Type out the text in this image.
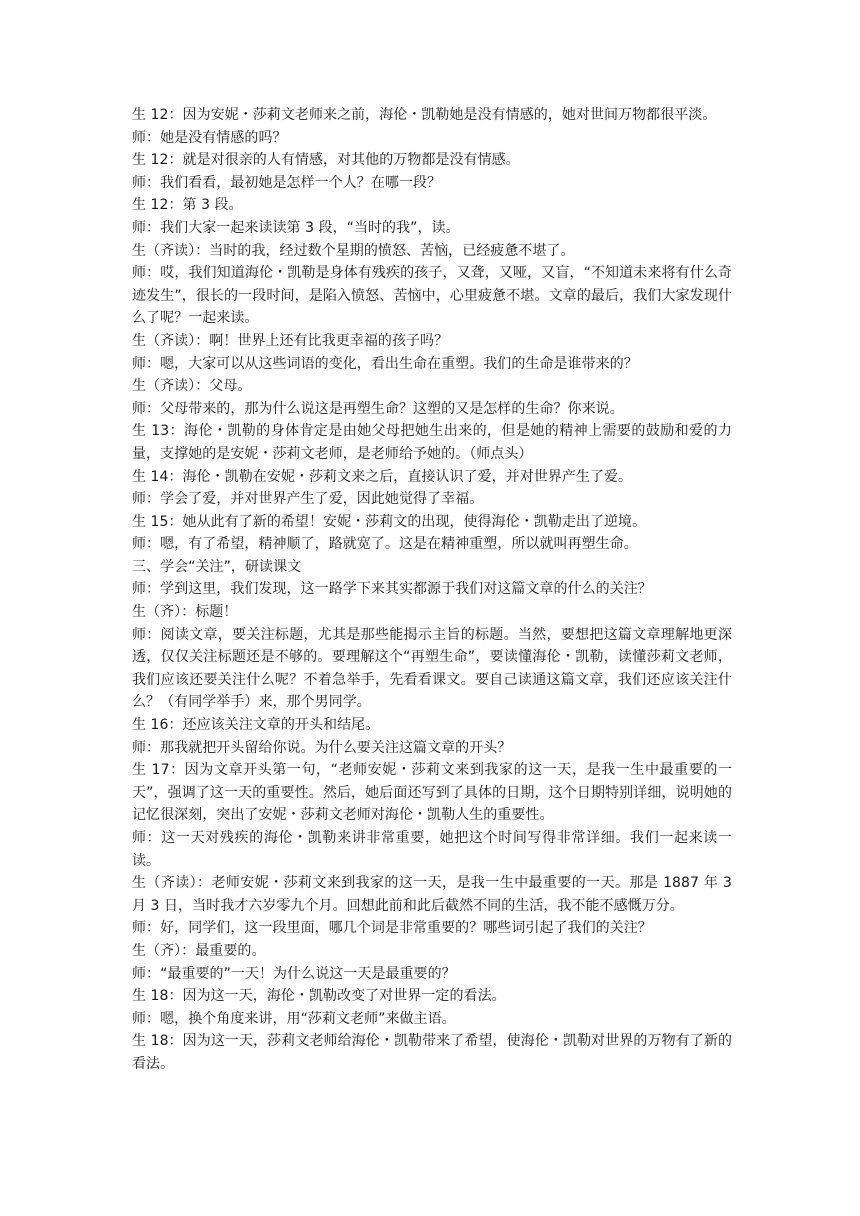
生 12：因为安妮・莎莉文老师来之前，海伦・凯勒她是没有情感的，她对世间万物都很平淡。

师：她是没有情感的吗？

生 12：就是对很亲的人有情感，对其他的万物都是没有情感。

师：我们看看，最初她是怎样一个人？在哪一段？

生 12：第 3 段。

师：我们大家一起来读读第 3 段，“当时的我”，读。

生（齐读）：当时的我，经过数个星期的愤怒、苦恼，已经疲惫不堪了。

师：哎，我们知道海伦・凯勒是身体有残疾的孩子，又聋，又哑，又盲，“不知道未来将有什么奇迹发生”，很长的一段时间，是陷入愤怒、苦恼中，心里疲惫不堪。文章的最后，我们大家发现什么了呢？一起来读。

生（齐读）：啊！世界上还有比我更幸福的孩子吗？

师：嗯，大家可以从这些词语的变化，看出生命在重塑。我们的生命是谁带来的？

生（齐读）：父母。

师：父母带来的，那为什么说这是再塑生命？这塑的又是怎样的生命？你来说。

生 13：海伦・凯勒的身体肯定是由她父母把她生出来的，但是她的精神上需要的鼓励和爱的力量，支撑她的是安妮・莎莉文老师，是老师给予她的。（师点头）

生 14：海伦・凯勒在安妮・莎莉文来之后，直接认识了爱，并对世界产生了爱。

师：学会了爱，并对世界产生了爱，因此她觉得了幸福。

生 15：她从此有了新的希望！安妮・莎莉文的出现，使得海伦・凯勒走出了逆境。

师：嗯，有了希望，精神顺了，路就宽了。这是在精神重塑，所以就叫再塑生命。

三、学会“关注”，研读课文

师：学到这里，我们发现，这一路学下来其实都源于我们对这篇文章的什么的关注？

生（齐）：标题！

师：阅读文章，要关注标题，尤其是那些能揭示主旨的标题。当然，要想把这篇文章理解地更深透，仅仅关注标题还是不够的。要理解这个“再塑生命”，要读懂海伦・凯勒，读懂莎莉文老师，我们应该还要关注什么呢？不着急举手，先看看课文。要自己读通这篇文章，我们还应该关注什么？（有同学举手）来，那个男同学。

生 16：还应该关注文章的开头和结尾。

师：那我就把开头留给你说。为什么要关注这篇文章的开头？

生 17：因为文章开头第一句，“老师安妮・莎莉文来到我家的这一天，是我一生中最重要的一天”，强调了这一天的重要性。然后，她后面还写到了具体的日期，这个日期特别详细，说明她的记忆很深刻，突出了安妮・莎莉文老师对海伦・凯勒人生的重要性。

师：这一天对残疾的海伦・凯勒来讲非常重要，她把这个时间写得非常详细。我们一起来读一读。

生（齐读）：老师安妮・莎莉文来到我家的这一天，是我一生中最重要的一天。那是 1887 年 3 月 3 日，当时我才六岁零九个月。回想此前和此后截然不同的生活，我不能不感慨万分。

师：好，同学们，这一段里面，哪几个词是非常重要的？哪些词引起了我们的关注？

生（齐）：最重要的。

师：“最重要的”一天！为什么说这一天是最重要的？

生 18：因为这一天，海伦・凯勒改变了对世界一定的看法。

师：嗯，换个角度来讲，用“莎莉文老师”来做主语。

生 18：因为这一天，莎莉文老师给海伦・凯勒带来了希望，使海伦・凯勒对世界的万物有了新的看法。
